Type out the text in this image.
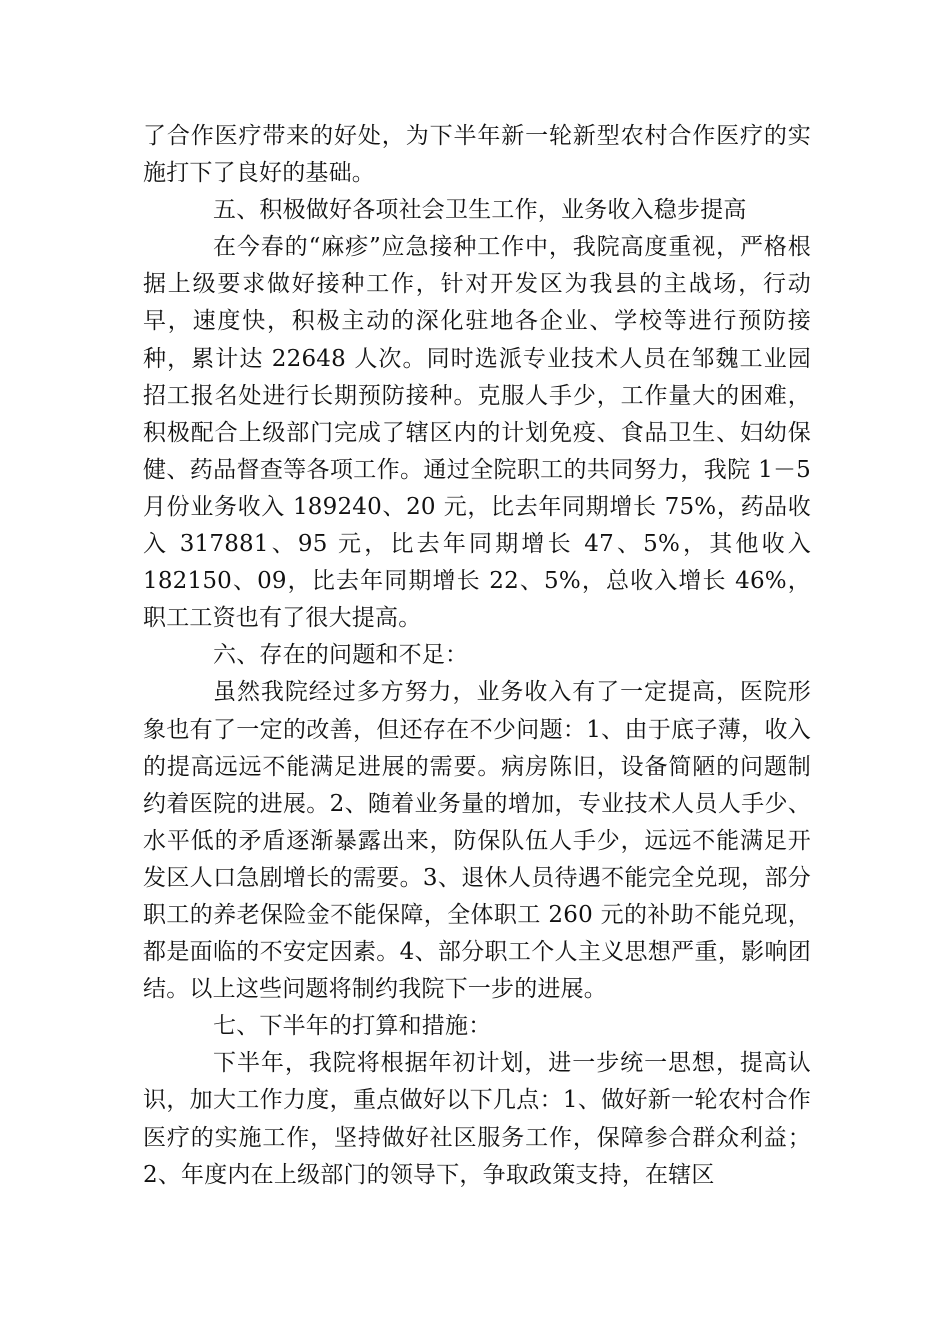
了合作医疗带来的好处，为下半年新一轮新型农村合作医疗的实施打下了良好的基础。

五、积极做好各项社会卫生工作，业务收入稳步提高

在今春的“麻疹”应急接种工作中，我院高度重视，严格根据上级要求做好接种工作，针对开发区为我县的主战场，行动早，速度快，积极主动的深化驻地各企业、学校等进行预防接种，累计达 22648 人次。同时选派专业技术人员在邹魏工业园招工报名处进行长期预防接种。克服人手少，工作量大的困难，积极配合上级部门完成了辖区内的计划免疫、食品卫生、妇幼保健、药品督查等各项工作。通过全院职工的共同努力，我院 1－5 月份业务收入 189240、20 元，比去年同期增长 75%，药品收入 317881、95 元，比去年同期增长 47、5%，其他收入 182150、09，比去年同期增长 22、5%，总收入增长 46%，职工工资也有了很大提高。

六、存在的问题和不足：

虽然我院经过多方努力，业务收入有了一定提高，医院形象也有了一定的改善，但还存在不少问题：1、由于底子薄，收入的提高远远不能满足进展的需要。病房陈旧，设备简陋的问题制约着医院的进展。2、随着业务量的增加，专业技术人员人手少、水平低的矛盾逐渐暴露出来，防保队伍人手少，远远不能满足开发区人口急剧增长的需要。3、退休人员待遇不能完全兑现，部分职工的养老保险金不能保障，全体职工 260 元的补助不能兑现，都是面临的不安定因素。4、部分职工个人主义思想严重，影响团结。以上这些问题将制约我院下一步的进展。

七、下半年的打算和措施：

下半年，我院将根据年初计划，进一步统一思想，提高认识，加大工作力度，重点做好以下几点：1、做好新一轮农村合作医疗的实施工作，坚持做好社区服务工作，保障参合群众利益；2、年度内在上级部门的领导下，争取政策支持，在辖区
